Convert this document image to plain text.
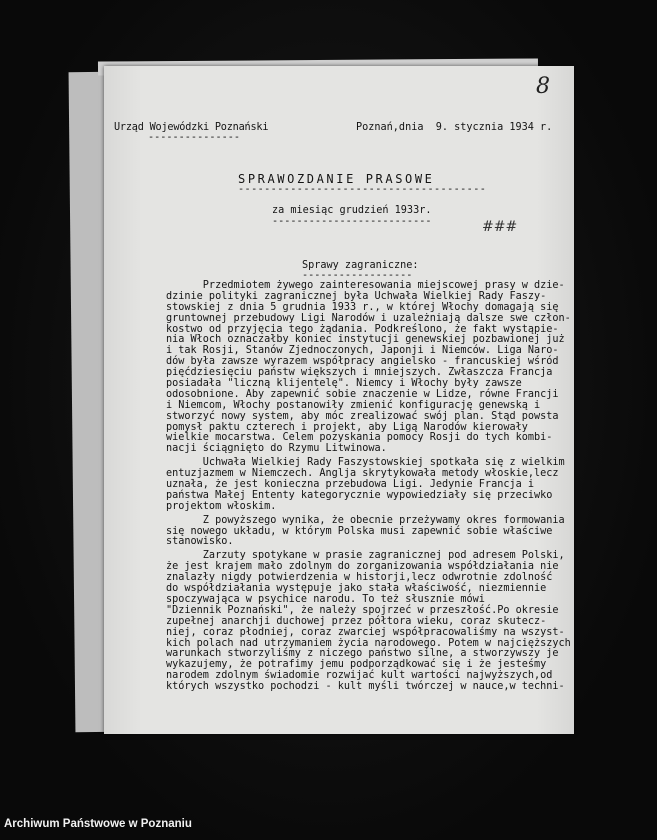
8
Urząd Wojewódzki Poznański
---------------
Poznań,dnia  9. stycznia 1934 r.
SPRAWOZDANIE PRASOWE
--------------------------------------
za miesiąc grudzień 1933r.
--------------------------	###
Sprawy zagraniczne:
------------------
Przedmiotem żywego zainteresowania miejscowej prasy w dzie-
dzinie polityki zagranicznej była Uchwała Wielkiej Rady Faszy-
stowskiej z dnia 5 grudnia 1933 r., w której Włochy domagają się
gruntownej przebudowy Ligi Narodów i uzależniają dalsze swe człon-
kostwo od przyjęcia tego żądania. Podkreślono, że fakt wystąpie-
nia Włoch oznaczałby koniec instytucji genewskiej pozbawionej już
i tak Rosji, Stanów Zjednoczonych, Japonji i Niemców. Liga Naro-
dów była zawsze wyrazem współpracy angielsko - francuskiej wśród
pięćdziesięciu państw większych i mniejszych. Zwłaszcza Francja
posiadała "liczną klijentelę". Niemcy i Włochy były zawsze
odosobnione. Aby zapewnić sobie znaczenie w Lidze, równe Francji
i Niemcom, Włochy postanowiły zmienić konfigurację genewską i
stworzyć nowy system, aby móc zrealizować swój plan. Stąd powsta
pomysł paktu czterech i projekt, aby Ligą Narodów kierowały
wielkie mocarstwa. Celem pozyskania pomocy Rosji do tych kombi-
nacji ściągnięto do Rzymu Litwinowa.
Uchwała Wielkiej Rady Faszystowskiej spotkała się z wielkim
entuzjazmem w Niemczech. Anglja skrytykowała metody włoskie,lecz
uznała, że jest konieczna przebudowa Ligi. Jedynie Francja i
państwa Małej Ententy kategorycznie wypowiedziały się przeciwko
projektom włoskim.
Z powyższego wynika, że obecnie przeżywamy okres formowania
się nowego układu, w którym Polska musi zapewnić sobie właściwe
stanowisko.
Zarzuty spotykane w prasie zagranicznej pod adresem Polski,
że jest krajem mało zdolnym do zorganizowania współdziałania nie
znalazły nigdy potwierdzenia w historji,lecz odwrotnie zdolność
do współdziałania występuje jako stała właściwość, niezmiennie
spoczywająca w psychice narodu. To też słusznie mówi
"Dziennik Poznański", że należy spojrzeć w przeszłość.Po okresie
zupełnej anarchji duchowej przez półtora wieku, coraz skutecz-
niej, coraz płodniej, coraz zwarciej współpracowaliśmy na wszyst-
kich polach nad utrzymaniem życia narodowego. Potem w najcięższych
warunkach stworzyliśmy z niczego państwo silne, a stworzywszy je
wykazujemy, że potrafimy jemu podporządkować się i że jesteśmy
narodem zdolnym świadomie rozwijać kult wartości najwyższych,od
których wszystko pochodzi - kult myśli twórczej w nauce,w techni-
Archiwum Państwowe w Poznaniu
